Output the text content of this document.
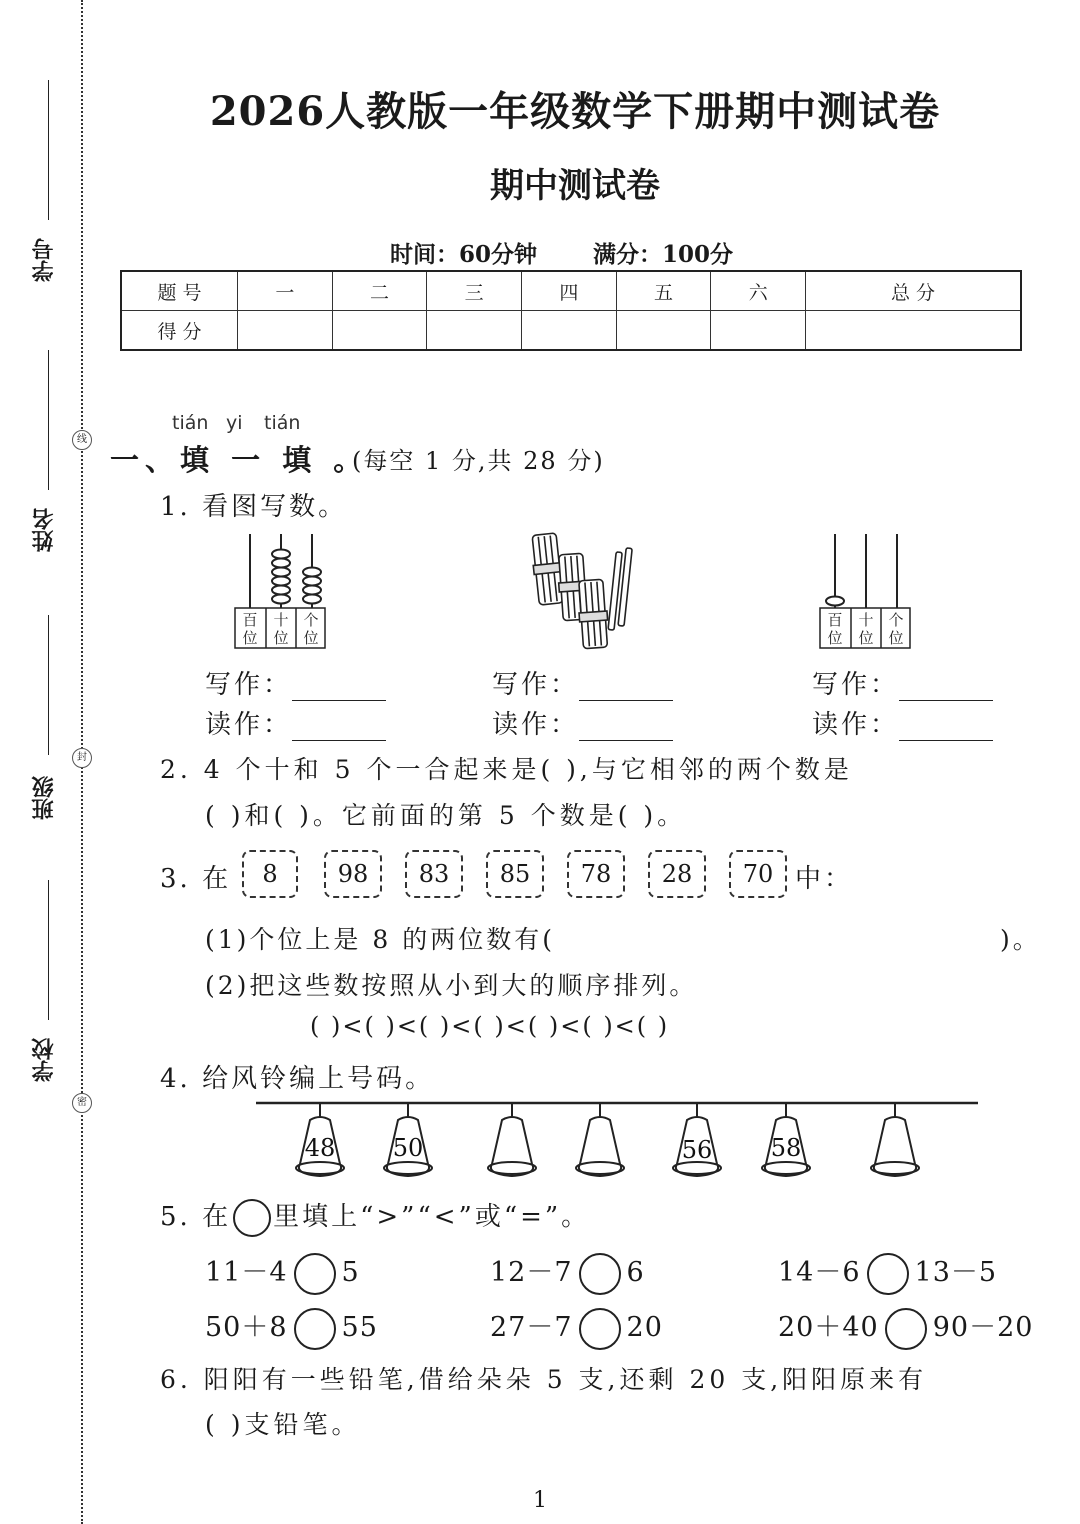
学号
姓名
班级
学校
线
封
密
2026人教版一年级数学下册期中测试卷
期中测试卷
时间：60分钟 满分：100分
题 号	一	二	三	四	五	六	总 分
得 分							
tián yi tián
一、填 一 填 。
(每空 1 分,共 28 分)
1. 看图写数。
百
位
十
位
个
位
百
位
十
位
个
位
写作：
读作：
写作：
读作：
写作：
读作：
2. 4 个十和 5 个一合起来是( ),与它相邻的两个数是
( )和( )。它前面的第 5 个数是( )。
3. 在	8	98	83	85	78	28	70 中：
(1)个位上是 8 的两位数有(	)。
(2)把这些数按照从小到大的顺序排列。
( )<( )<( )<( )<( )<( )<( )
4. 给风铃编上号码。
48 50	56 58
5. 在 里填上“>”“<”或“=”。
11－4 5	12－7 6	14－6 13－5
50＋8 55	27－7 20	20＋40 90－20
6. 阳阳有一些铅笔,借给朵朵 5 支,还剩 20 支,阳阳原来有
( )支铅笔。
1
